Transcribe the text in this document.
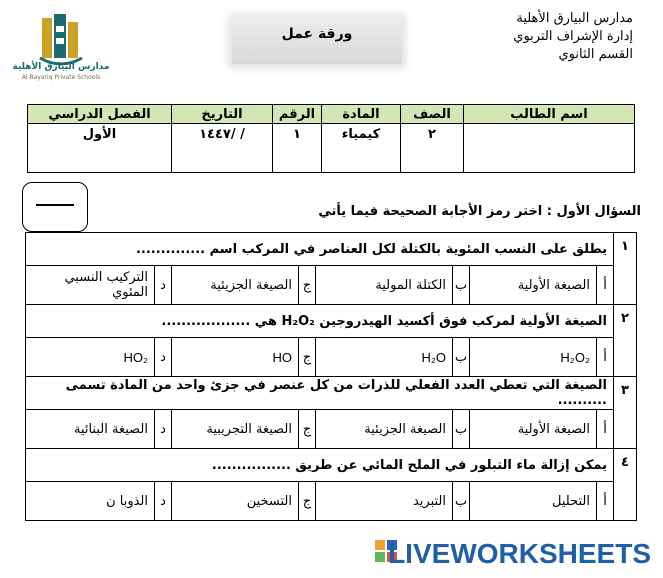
مدارس البيارق الأهلية
إدارة الإشراف التربوي
القسم الثانوي
ورقة عمل
مدارس البيارق الأهلية
Al-Bayariq Private Schools
اسم الطالب	الصف	المادة	الرقم	التاريخ	الفصل الدراسي
	٢	كيمياء	١	/ /١٤٤٧	الأول
السؤال الأول : اختر رمز الأجابة الصحيحة فيما يأتي
١	يطلق على النسب المئوية بالكتلة لكل العناصر في المركب اسم ..............							
	أ	الصيغة الأولية	ب	الكتلة المولية	ج	الصيغة الجزيئية	د	التركيب النسبي المئوي
٢	الصيغة الأولية لمركب فوق أكسيد الهيدروجين H₂O₂ هي ..................							
	أ	H₂O₂	ب	H₂O	ج	HO	د	HO₂
٣	الصيغة التي تعطي العدد الفعلي للذرات من كل عنصر في جزئ واحد من المادة تسمى ..........							
	أ	الصيغة الأولية	ب	الصيغة الجزيئية	ج	الصيغة التجريبية	د	الصيغة البنائية
٤	يمكن إزالة ماء التبلور في الملح المائي عن طريق ................							
	أ	التحليل	ب	التبريد	ج	التسخين	د	الذوبا ن
LIVEWORKSHEETS
